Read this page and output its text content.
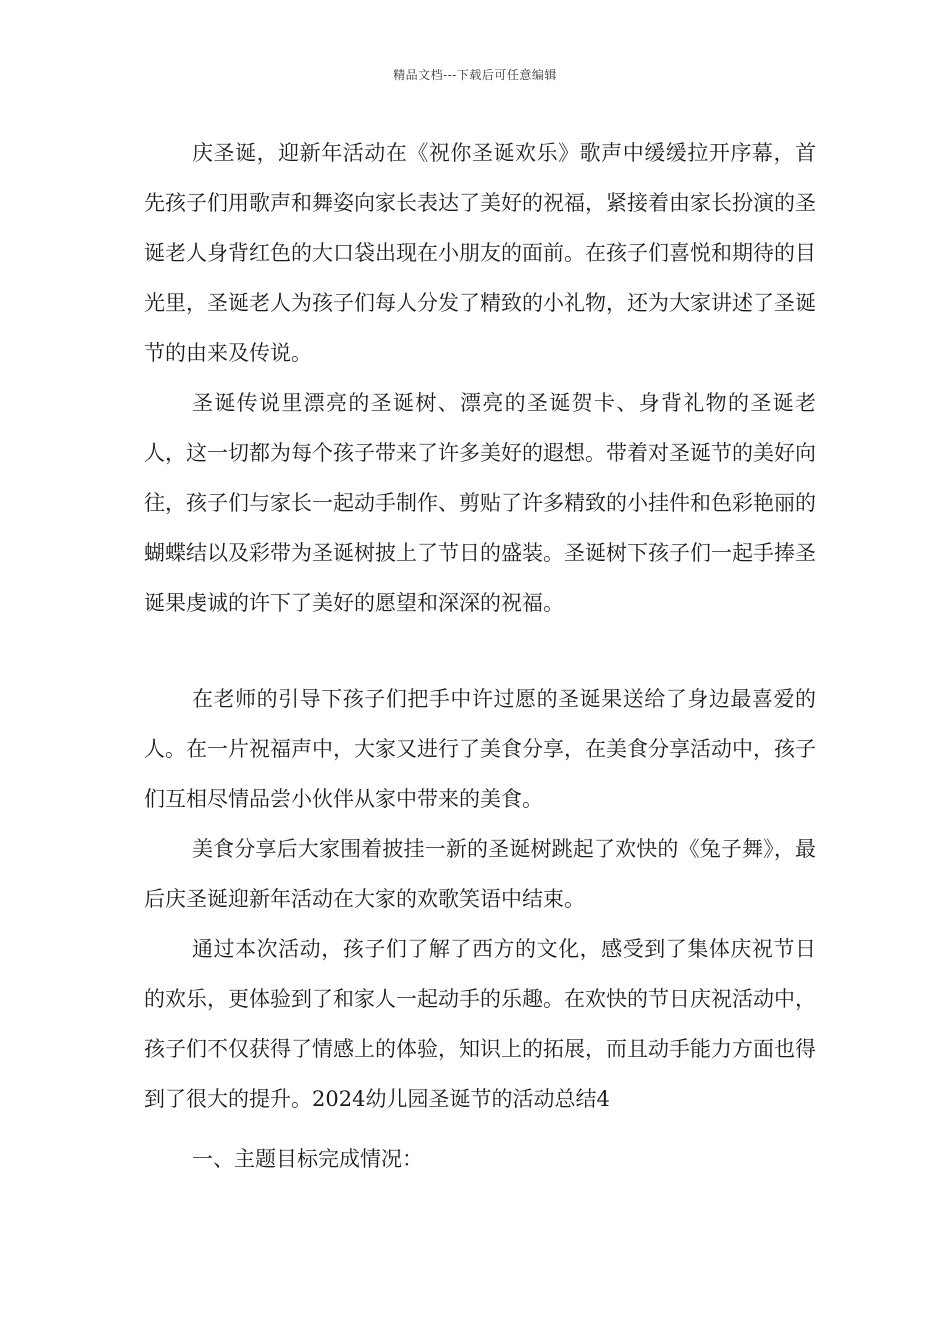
精品文档---下载后可任意编辑

庆圣诞，迎新年活动在《祝你圣诞欢乐》歌声中缓缓拉开序幕，首先孩子们用歌声和舞姿向家长表达了美好的祝福，紧接着由家长扮演的圣诞老人身背红色的大口袋出现在小朋友的面前。在孩子们喜悦和期待的目光里，圣诞老人为孩子们每人分发了精致的小礼物，还为大家讲述了圣诞节的由来及传说。

圣诞传说里漂亮的圣诞树、漂亮的圣诞贺卡、身背礼物的圣诞老人，这一切都为每个孩子带来了许多美好的遐想。带着对圣诞节的美好向往，孩子们与家长一起动手制作、剪贴了许多精致的小挂件和色彩艳丽的蝴蝶结以及彩带为圣诞树披上了节日的盛装。圣诞树下孩子们一起手捧圣诞果虔诚的许下了美好的愿望和深深的祝福。

在老师的引导下孩子们把手中许过愿的圣诞果送给了身边最喜爱的人。在一片祝福声中，大家又进行了美食分享，在美食分享活动中，孩子们互相尽情品尝小伙伴从家中带来的美食。

美食分享后大家围着披挂一新的圣诞树跳起了欢快的《兔子舞》，最后庆圣诞迎新年活动在大家的欢歌笑语中结束。

通过本次活动，孩子们了解了西方的文化，感受到了集体庆祝节日的欢乐，更体验到了和家人一起动手的乐趣。在欢快的节日庆祝活动中，孩子们不仅获得了情感上的体验，知识上的拓展，而且动手能力方面也得到了很大的提升。2024幼儿园圣诞节的活动总结4

一、主题目标完成情况：
